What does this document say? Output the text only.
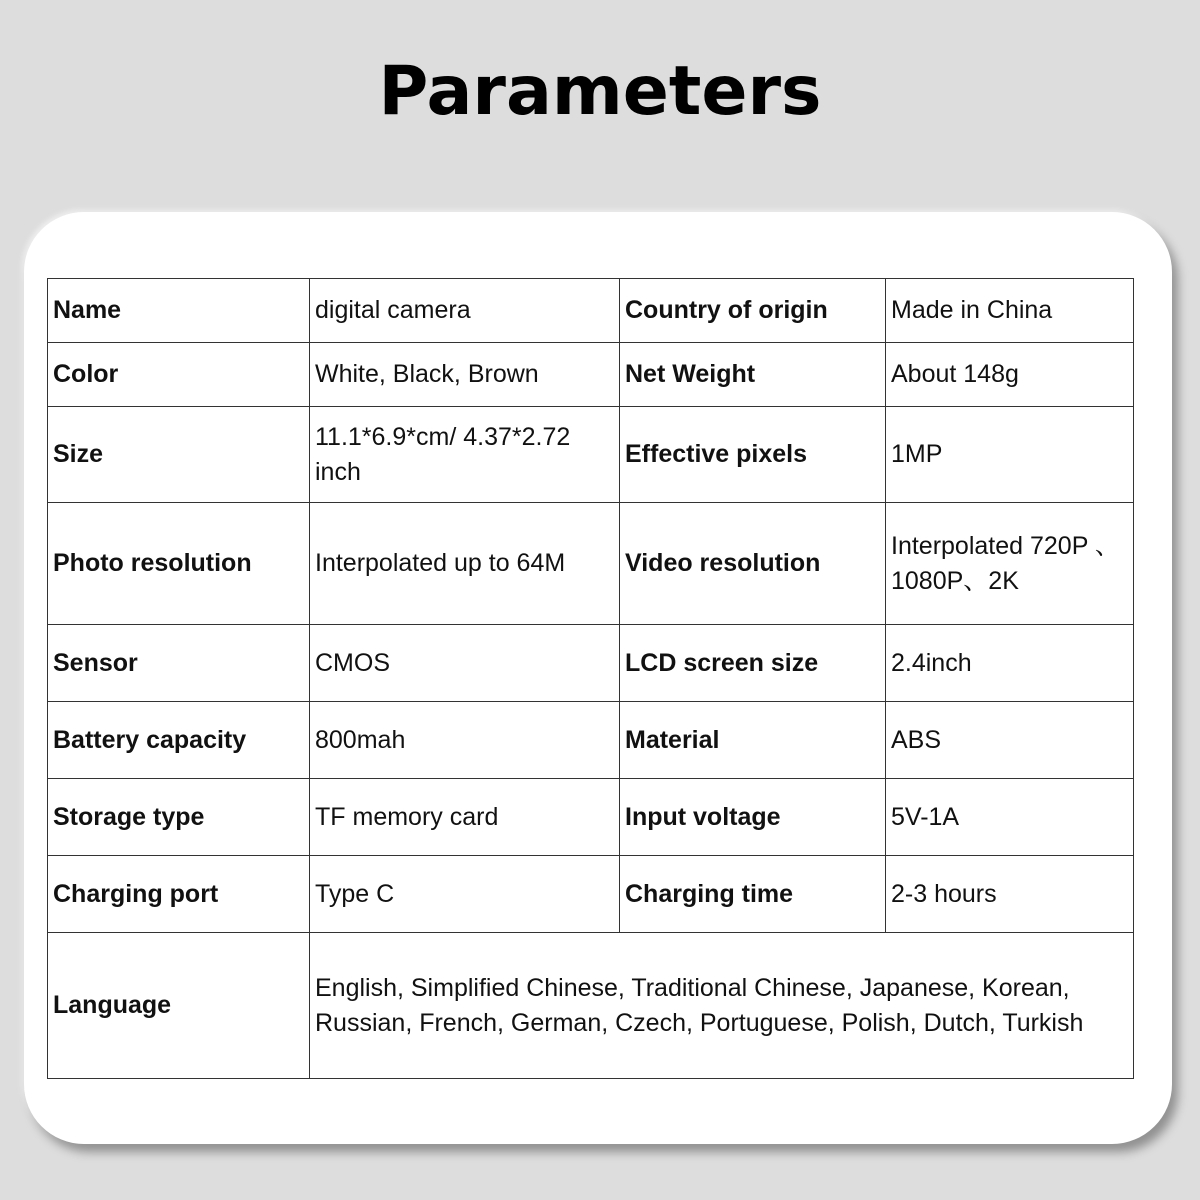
Parameters
Name	digital camera	Country of origin	Made in China
Color	White, Black, Brown	Net Weight	About 148g
Size	11.1*6.9*cm/ 4.37*2.72 inch	Effective pixels	1MP
Photo resolution	Interpolated up to 64M	Video resolution	Interpolated 720P 、1080P、2K
Sensor	CMOS	LCD screen size	2.4inch
Battery capacity	800mah	Material	ABS
Storage type	TF memory card	Input voltage	5V-1A
Charging port	Type C	Charging time	2-3 hours
Language	English, Simplified Chinese, Traditional Chinese, Japanese, Korean, Russian, French, German, Czech, Portuguese, Polish, Dutch, Turkish		
